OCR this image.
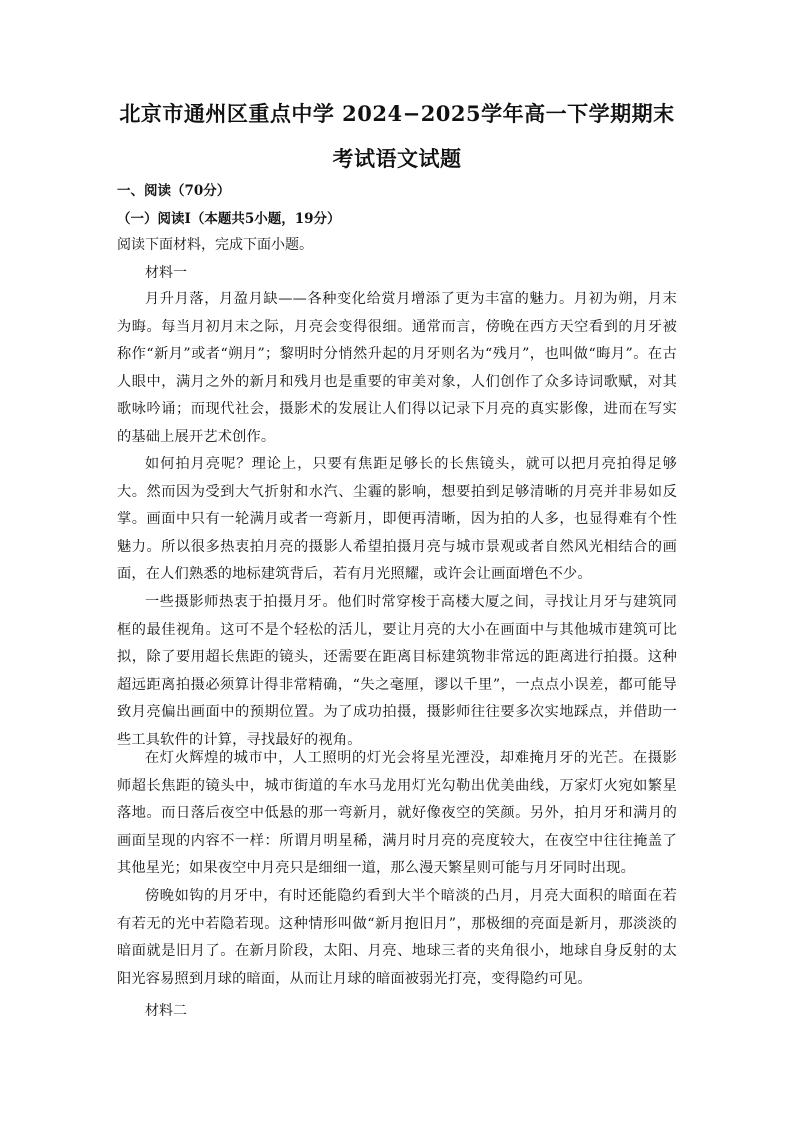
北京市通州区重点中学 2024−2025学年高一下学期期末
考试语文试题
一、阅读（70分）
（一）阅读Ⅰ（本题共5小题，19分）
阅读下面材料，完成下面小题。
材料一

月升月落，月盈月缺——各种变化给赏月增添了更为丰富的魅力。月初为朔，月末为晦。每当月初月末之际，月亮会变得很细。通常而言，傍晚在西方天空看到的月牙被称作“新月”或者“朔月”；黎明时分悄然升起的月牙则名为“残月”，也叫做“晦月”。在古人眼中，满月之外的新月和残月也是重要的审美对象，人们创作了众多诗词歌赋，对其歌咏吟诵；而现代社会，摄影术的发展让人们得以记录下月亮的真实影像，进而在写实的基础上展开艺术创作。

如何拍月亮呢？理论上，只要有焦距足够长的长焦镜头，就可以把月亮拍得足够大。然而因为受到大气折射和水汽、尘霾的影响，想要拍到足够清晰的月亮并非易如反掌。画面中只有一轮满月或者一弯新月，即便再清晰，因为拍的人多，也显得难有个性魅力。所以很多热衷拍月亮的摄影人希望拍摄月亮与城市景观或者自然风光相结合的画面，在人们熟悉的地标建筑背后，若有月光照耀，或许会让画面增色不少。

一些摄影师热衷于拍摄月牙。他们时常穿梭于高楼大厦之间，寻找让月牙与建筑同框的最佳视角。这可不是个轻松的活儿，要让月亮的大小在画面中与其他城市建筑可比拟，除了要用超长焦距的镜头，还需要在距离目标建筑物非常远的距离进行拍摄。这种超远距离拍摄必须算计得非常精确，“失之毫厘，谬以千里”，一点点小误差，都可能导致月亮偏出画面中的预期位置。为了成功拍摄，摄影师往往要多次实地踩点，并借助一些工具软件的计算，寻找最好的视角。

在灯火辉煌的城市中，人工照明的灯光会将星光湮没，却难掩月牙的光芒。在摄影师超长焦距的镜头中，城市街道的车水马龙用灯光勾勒出优美曲线，万家灯火宛如繁星落地。而日落后夜空中低悬的那一弯新月，就好像夜空的笑颜。另外，拍月牙和满月的画面呈现的内容不一样：所谓月明星稀，满月时月亮的亮度较大，在夜空中往往掩盖了其他星光；如果夜空中月亮只是细细一道，那么漫天繁星则可能与月牙同时出现。

傍晚如钩的月牙中，有时还能隐约看到大半个暗淡的凸月，月亮大面积的暗面在若有若无的光中若隐若现。这种情形叫做“新月抱旧月”，那极细的亮面是新月，那淡淡的暗面就是旧月了。在新月阶段，太阳、月亮、地球三者的夹角很小，地球自身反射的太阳光容易照到月球的暗面，从而让月球的暗面被弱光打亮，变得隐约可见。

材料二
